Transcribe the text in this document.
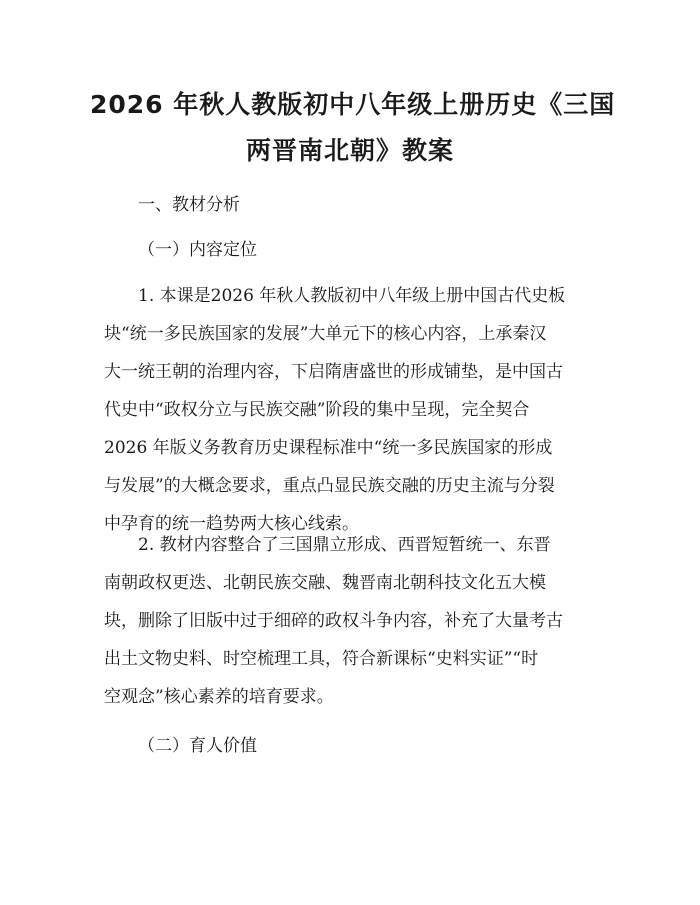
2026 年秋人教版初中八年级上册历史《三国
两晋南北朝》教案
一、教材分析
（一）内容定位
1. 本课是2026 年秋人教版初中八年级上册中国古代史板
块“统一多民族国家的发展”大单元下的核心内容，上承秦汉
大一统王朝的治理内容，下启隋唐盛世的形成铺垫，是中国古
代史中“政权分立与民族交融”阶段的集中呈现，完全契合
2026 年版义务教育历史课程标准中“统一多民族国家的形成
与发展”的大概念要求，重点凸显民族交融的历史主流与分裂
中孕育的统一趋势两大核心线索。
2. 教材内容整合了三国鼎立形成、西晋短暂统一、东晋
南朝政权更迭、北朝民族交融、魏晋南北朝科技文化五大模
块，删除了旧版中过于细碎的政权斗争内容，补充了大量考古
出土文物史料、时空梳理工具，符合新课标“史料实证”“时
空观念”核心素养的培育要求。
（二）育人价值
